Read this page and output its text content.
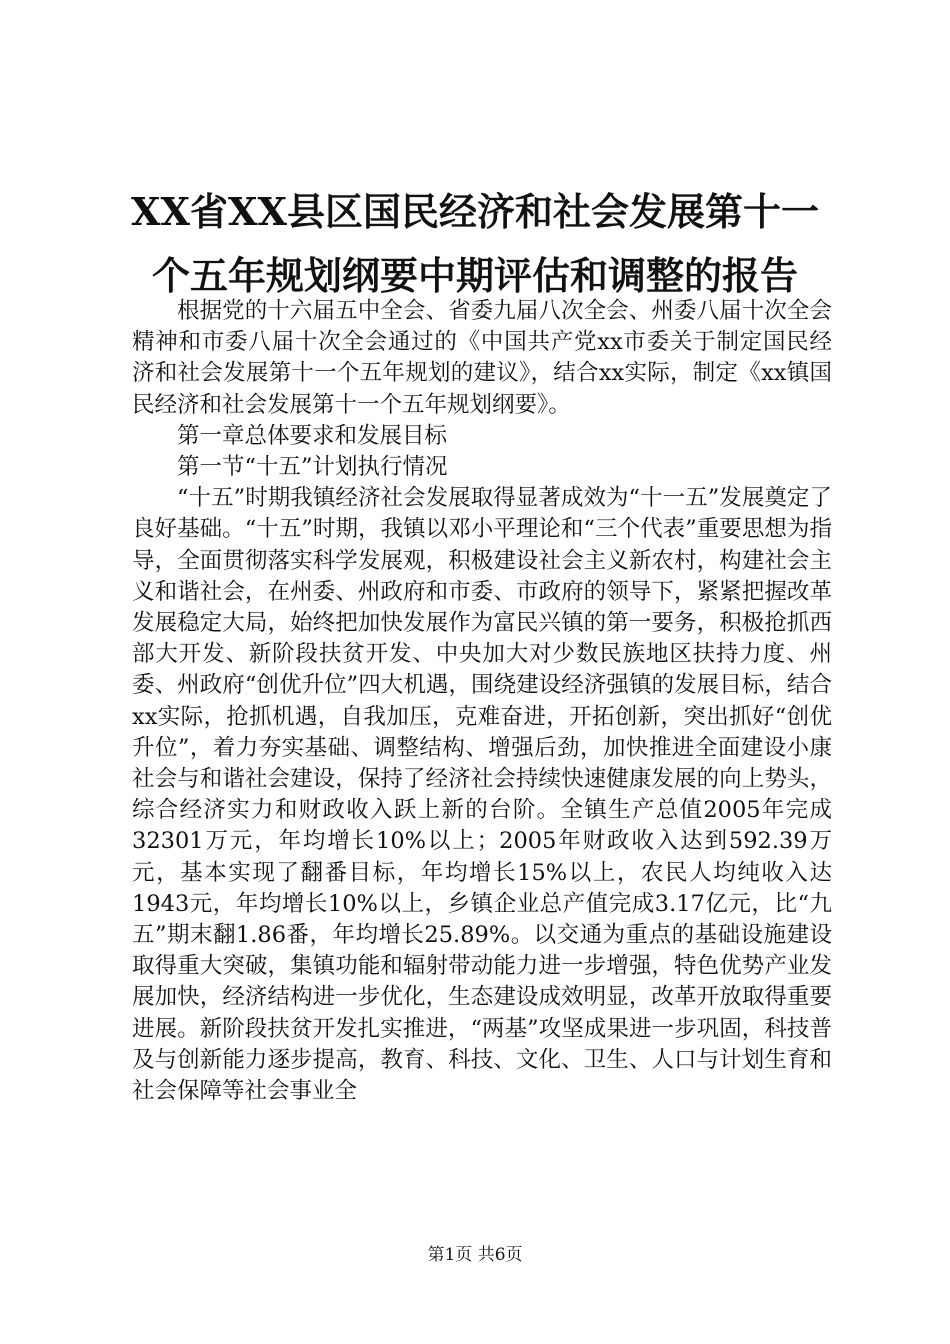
XX省XX县区国民经济和社会发展第十一个五年规划纲要中期评估和调整的报告

根据党的十六届五中全会、省委九届八次全会、州委八届十次全会精神和市委八届十次全会通过的《中国共产党xx市委关于制定国民经济和社会发展第十一个五年规划的建议》，结合xx实际，制定《xx镇国民经济和社会发展第十一个五年规划纲要》。

第一章总体要求和发展目标

第一节“十五”计划执行情况

“十五”时期我镇经济社会发展取得显著成效为“十一五”发展奠定了良好基础。“十五”时期，我镇以邓小平理论和“三个代表”重要思想为指导，全面贯彻落实科学发展观，积极建设社会主义新农村，构建社会主义和谐社会，在州委、州政府和市委、市政府的领导下，紧紧把握改革发展稳定大局，始终把加快发展作为富民兴镇的第一要务，积极抢抓西部大开发、新阶段扶贫开发、中央加大对少数民族地区扶持力度、州委、州政府“创优升位”四大机遇，围绕建设经济强镇的发展目标，结合xx实际，抢抓机遇，自我加压，克难奋进，开拓创新，突出抓好“创优升位”，着力夯实基础、调整结构、增强后劲，加快推进全面建设小康社会与和谐社会建设，保持了经济社会持续快速健康发展的向上势头，综合经济实力和财政收入跃上新的台阶。全镇生产总值2005年完成32301万元，年均增长10%以上；2005年财政收入达到592.39万元，基本实现了翻番目标，年均增长15%以上，农民人均纯收入达1943元，年均增长10%以上，乡镇企业总产值完成3.17亿元，比“九五”期末翻1.86番，年均增长25.89%。以交通为重点的基础设施建设取得重大突破，集镇功能和辐射带动能力进一步增强，特色优势产业发展加快，经济结构进一步优化，生态建设成效明显，改革开放取得重要进展。新阶段扶贫开发扎实推进，“两基”攻坚成果进一步巩固，科技普及与创新能力逐步提高，教育、科技、文化、卫生、人口与计划生育和社会保障等社会事业全

第1页 共6页
